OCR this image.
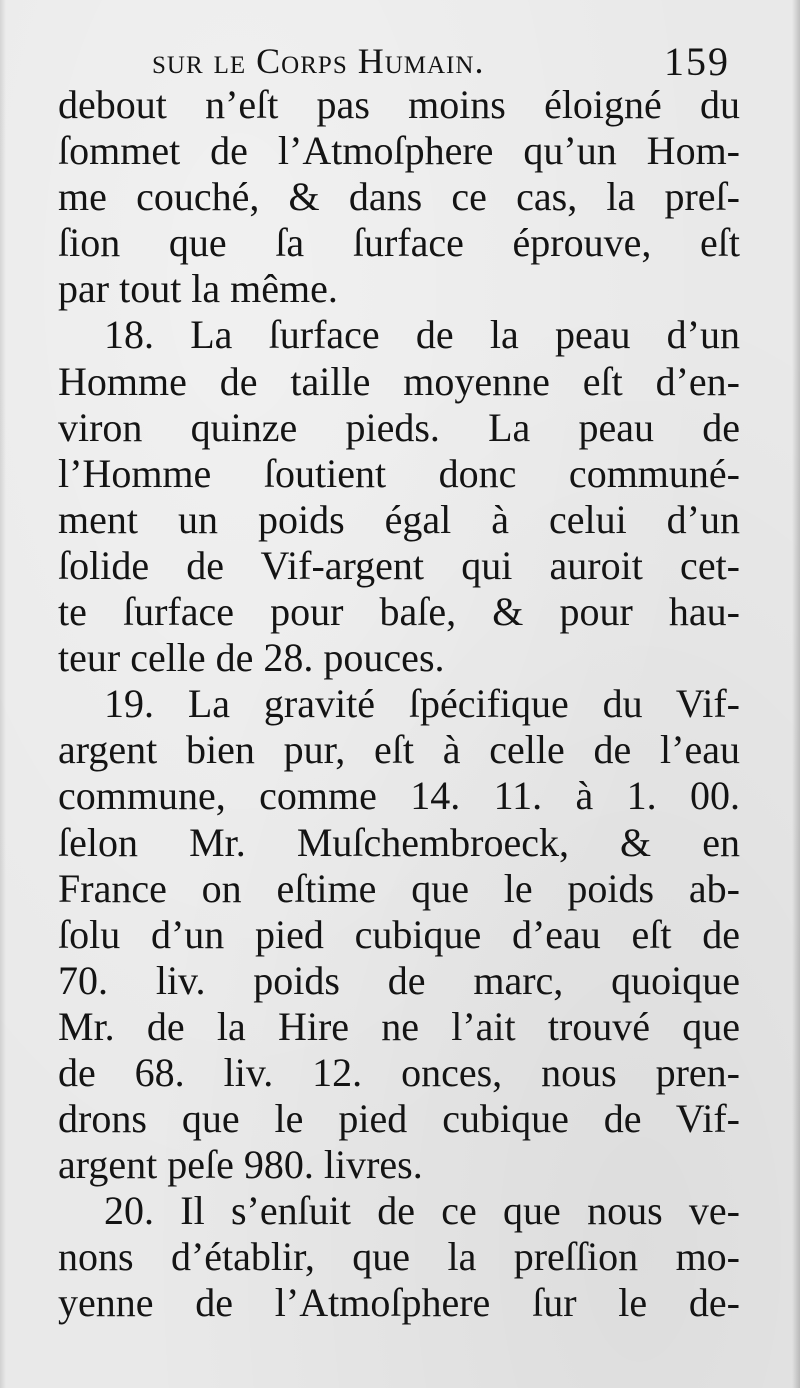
sur le Corps Humain.	159
debout n’eſt pas moins éloigné du
ſommet de l’Atmoſphere qu’un Hom-
me couché, & dans ce cas, la preſ-
ſion que ſa ſurface éprouve, eſt
par tout la même.
18. La ſurface de la peau d’un
Homme de taille moyenne eſt d’en-
viron quinze pieds. La peau de
l’Homme ſoutient donc communé-
ment un poids égal à celui d’un
ſolide de Vif-argent qui auroit cet-
te ſurface pour baſe, & pour hau-
teur celle de 28. pouces.
19. La gravité ſpécifique du Vif-
argent bien pur, eſt à celle de l’eau
commune, comme 14. 11. à 1. 00.
ſelon Mr. Muſchembroeck, & en
France on eſtime que le poids ab-
ſolu d’un pied cubique d’eau eſt de
70. liv. poids de marc, quoique
Mr. de la Hire ne l’ait trouvé que
de 68. liv. 12. onces, nous pren-
drons que le pied cubique de Vif-
argent peſe 980. livres.
20. Il s’enſuit de ce que nous ve-
nons d’établir, que la preſſion mo-
yenne de l’Atmoſphere ſur le de-
